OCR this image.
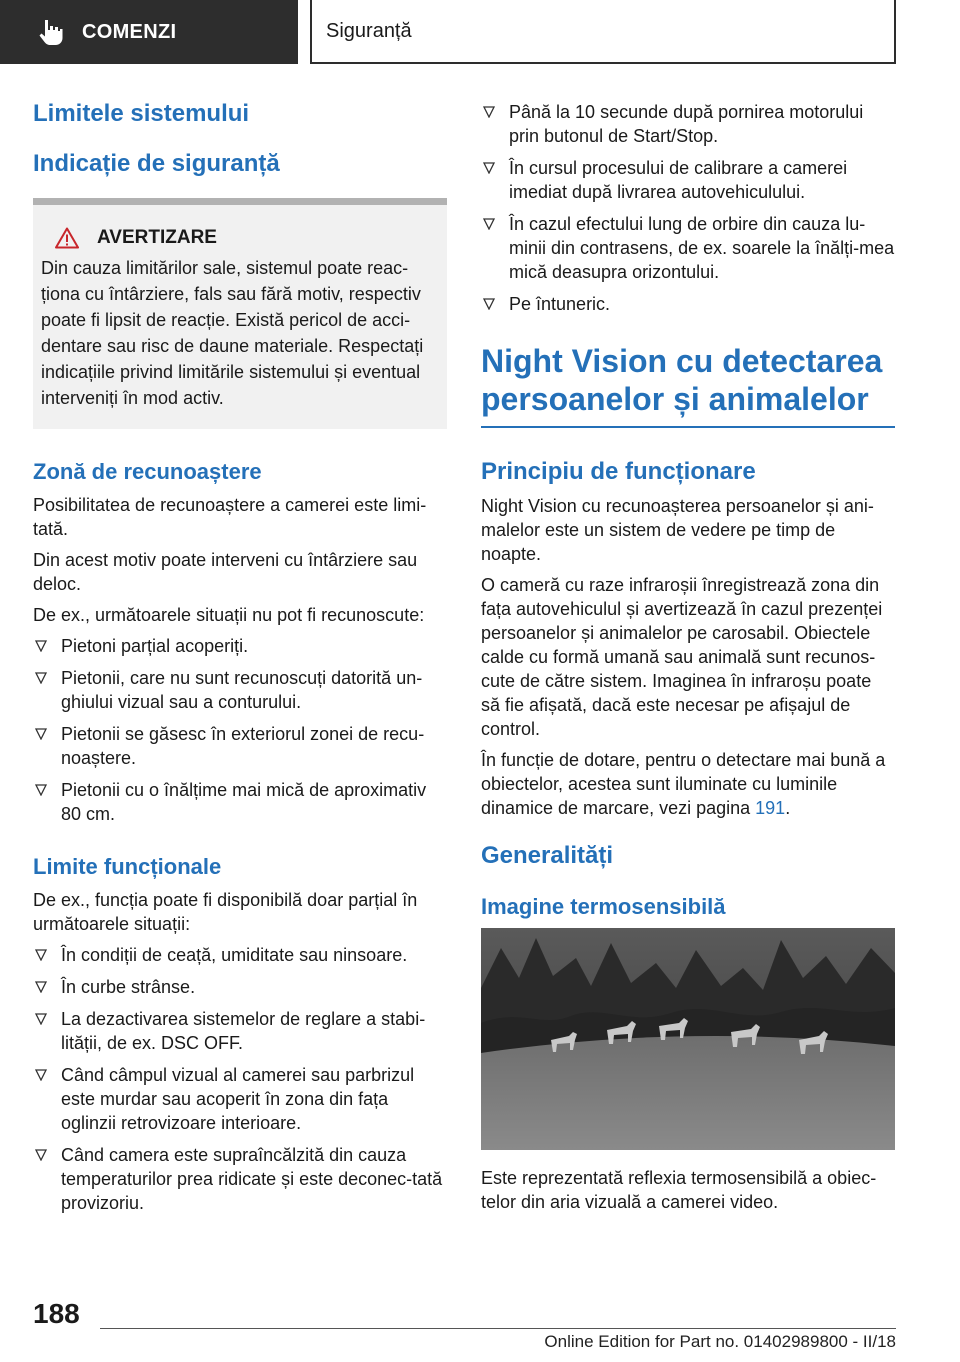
COMENZI	Siguranță
Limitele sistemului
Indicație de siguranță
AVERTIZARE

Din cauza limitărilor sale, sistemul poate reac-ționa cu întârziere, fals sau fără motiv, respectiv poate fi lipsit de reacție. Există pericol de acci-dentare sau risc de daune materiale. Respectați indicațiile privind limitările sistemului și eventual interveniți în mod activ.

Zonă de recunoaștere

Posibilitatea de recunoaștere a camerei este limi-tată.

Din acest motiv poate interveni cu întârziere sau deloc.

De ex., următoarele situații nu pot fi recunoscute:

Pietoni parțial acoperiți.
Pietonii, care nu sunt recunoscuți datorită un-ghiului vizual sau a conturului.
Pietonii se găsesc în exteriorul zonei de recu-noaștere.
Pietonii cu o înălțime mai mică de aproximativ 80 cm.
Limite funcționale

De ex., funcția poate fi disponibilă doar parțial în următoarele situații:

În condiții de ceață, umiditate sau ninsoare.
În curbe strânse.
La dezactivarea sistemelor de reglare a stabi-lității, de ex. DSC OFF.
Când câmpul vizual al camerei sau parbrizul este murdar sau acoperit în zona din fața oglinzii retrovizoare interioare.
Când camera este supraîncălzită din cauza temperaturilor prea ridicate și este deconec-tată provizoriu.
Până la 10 secunde după pornirea motorului prin butonul de Start/Stop.
În cursul procesului de calibrare a camerei imediat după livrarea autovehiculului.
În cazul efectului lung de orbire din cauza lu-minii din contrasens, de ex. soarele la înălți-mea mică deasupra orizontului.
Pe întuneric.
Night Vision cu detectarea persoanelor și animalelor
Principiu de funcționare

Night Vision cu recunoașterea persoanelor și ani-malelor este un sistem de vedere pe timp de noapte.

O cameră cu raze infraroșii înregistrează zona din fața autovehiculul și avertizează în cazul prezenței persoanelor și animalelor pe carosabil. Obiectele calde cu formă umană sau animală sunt recunos-cute de către sistem. Imaginea în infraroșu poate să fie afișată, dacă este necesar pe afișajul de control.

În funcție de dotare, pentru o detectare mai bună a obiectelor, acestea sunt iluminate cu luminile dinamice de marcare, vezi pagina 191.

Generalități
Imagine termosensibilă

Este reprezentată reflexia termosensibilă a obiec-telor din aria vizuală a camerei video.

188
Online Edition for Part no. 01402989800 - II/18
